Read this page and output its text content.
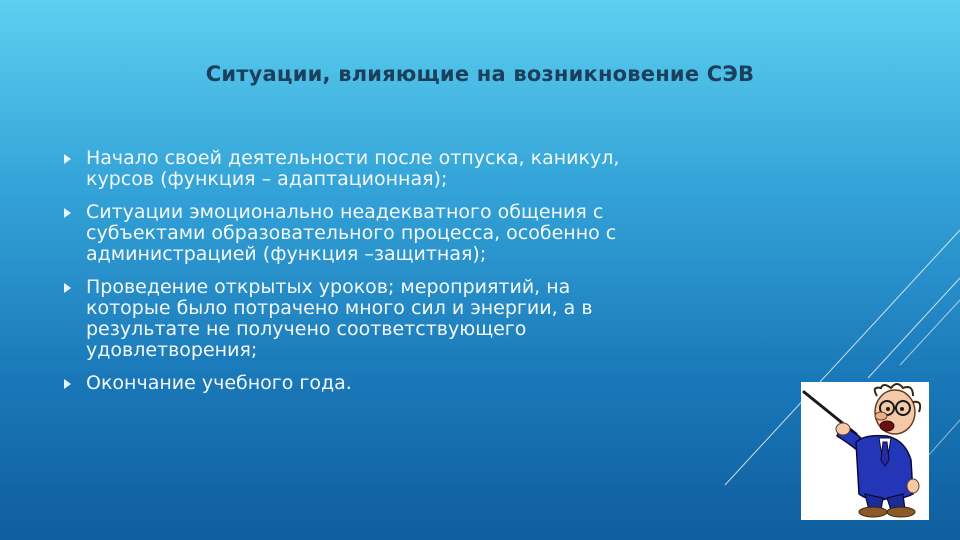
Ситуации, влияющие на возникновение СЭВ
Начало своей деятельности после отпуска, каникул, курсов (функция – адаптационная);
Ситуации эмоционально неадекватного общения с субъектами образовательного процесса, особенно с администрацией (функция –защитная);
Проведение открытых уроков; мероприятий, на которые было потрачено много сил и энергии, а в результате не получено соответствующего удовлетворения;
Окончание учебного года.
